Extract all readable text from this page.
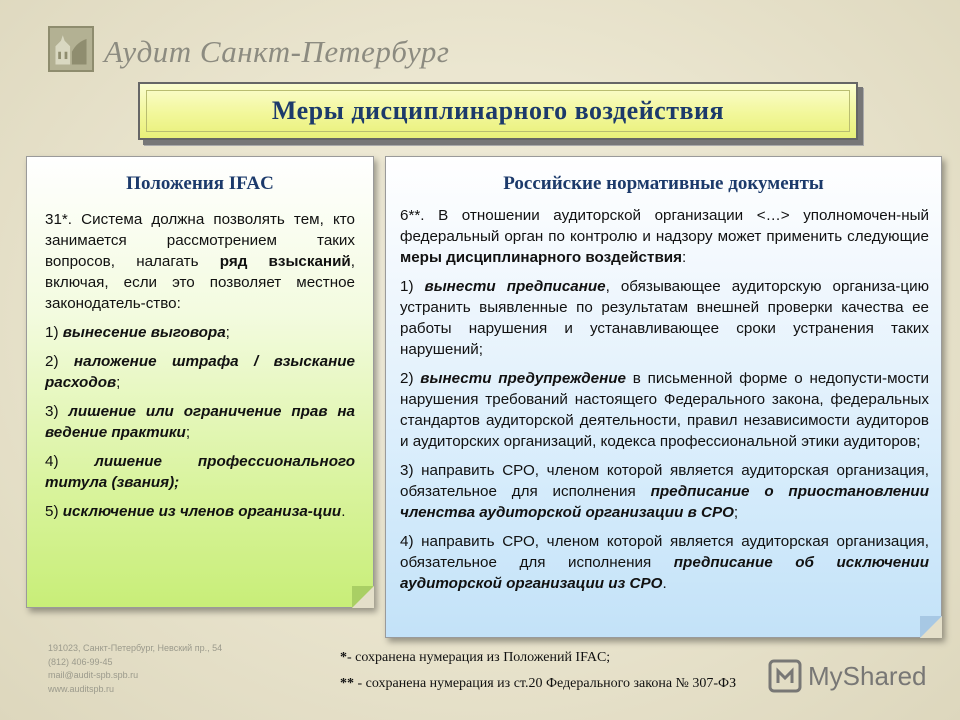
Аудит Санкт-Петербург
Меры дисциплинарного воздействия
Положения IFAC

31*. Система должна позволять тем, кто занимается рассмотрением таких вопросов, налагать ряд взысканий, включая, если это позволяет местное законодатель-ство:

1) вынесение выговора;

2) наложение штрафа / взыскание расходов;

3) лишение или ограничение прав на ведение практики;

4) лишение профессионального титула (звания);

5) исключение из членов организа-ции.

Российские нормативные документы

6**. В отношении аудиторской организации <…> уполномочен-ный федеральный орган по контролю и надзору может применить следующие меры дисциплинарного воздействия:

1) вынести предписание, обязывающее аудиторскую организа-цию устранить выявленные по результатам внешней проверки качества ее работы нарушения и устанавливающее сроки устранения таких нарушений;

2) вынести предупреждение в письменной форме о недопусти-мости нарушения требований настоящего Федерального закона, федеральных стандартов аудиторской деятельности, правил независимости аудиторов и аудиторских организаций, кодекса профессиональной этики аудиторов;

3) направить СРО, членом которой является аудиторская организация, обязательное для исполнения предписание о приостановлении членства аудиторской организации в СРО;

4) направить СРО, членом которой является аудиторская организация, обязательное для исполнения предписание об исключении аудиторской организации из СРО.

191023, Санкт-Петербург, Невский пр., 54
(812) 406-99-45
mail@audit-spb.spb.ru
www.auditspb.ru
*- сохранена нумерация из Положений IFAC;
** - сохранена нумерация из ст.20 Федерального закона № 307-ФЗ	MyShared
